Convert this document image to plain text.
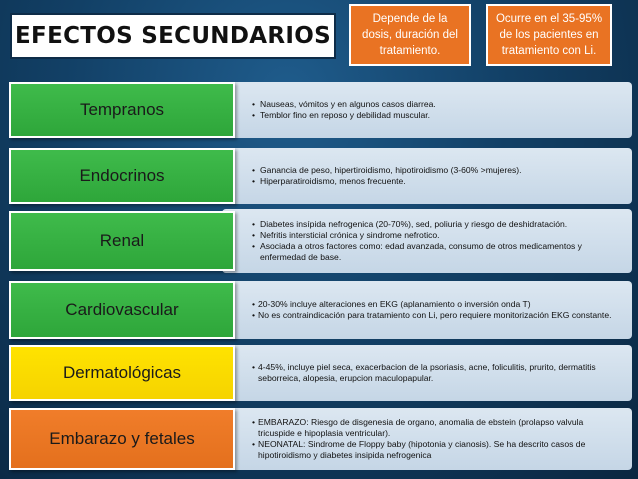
EFECTOS SECUNDARIOS
Depende de la dosis, duración del tratamiento.
Ocurre en el 35-95% de los pacientes en tratamiento con Li.
• Nauseas, vómitos y en algunos casos diarrea.
• Temblor fino en reposo y debilidad muscular.
Tempranos
• Ganancia de peso, hipertiroidismo, hipotiroidismo (3-60% >mujeres).
• Hiperparatiroidismo, menos frecuente.
Endocrinos
• Diabetes insípida nefrogenica (20-70%), sed, poliuria y riesgo de deshidratación.
• Nefritis intersticial crónica y sindrome nefrotico.
• Asociada a otros factores como: edad avanzada, consumo de otros medicamentos y enfermedad de base.
Renal
• 20-30% incluye alteraciones en EKG (aplanamiento o inversión onda T)
• No es contraindicación para tratamiento con Li, pero requiere monitorización EKG constante.
Cardiovascular
• 4-45%, incluye piel seca, exacerbacion de la psoriasis, acne, foliculitis, prurito, dermatitis seborreica, alopesia, erupcion maculopapular.
Dermatológicas
• EMBARAZO: Riesgo de disgenesia de organo, anomalia de ebstein (prolapso valvula tricuspide e hipoplasia ventricular).
• NEONATAL: Sindrome de Floppy baby (hipotonia y cianosis). Se ha descrito casos de hipotiroidismo y diabetes insipida nefrogenica
Embarazo y fetales
